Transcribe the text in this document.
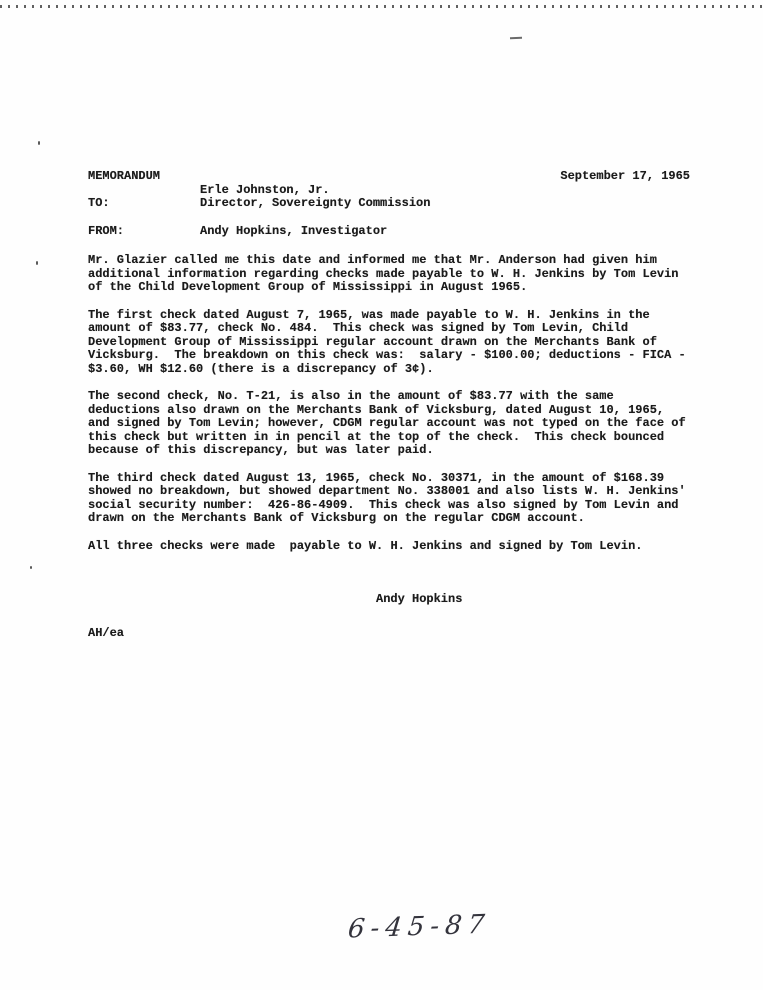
MEMORANDUM	September 17, 1965
Erle Johnston, Jr.
TO:	Director, Sovereignty Commission
FROM:	Andy Hopkins, Investigator

Mr. Glazier called me this date and informed me that Mr. Anderson had given him additional information regarding checks made payable to W. H. Jenkins by Tom Levin of the Child Development Group of Mississippi in August 1965.

The first check dated August 7, 1965, was made payable to W. H. Jenkins in the amount of $83.77, check No. 484.  This check was signed by Tom Levin, Child Development Group of Mississippi regular account drawn on the Merchants Bank of Vicksburg.  The breakdown on this check was:  salary - $100.00; deductions - FICA - $3.60, WH $12.60 (there is a discrepancy of 3¢).

The second check, No. T-21, is also in the amount of $83.77 with the same deductions also drawn on the Merchants Bank of Vicksburg, dated August 10, 1965, and signed by Tom Levin; however, CDGM regular account was not typed on the face of this check but written in in pencil at the top of the check.  This check bounced because of this discrepancy, but was later paid.

The third check dated August 13, 1965, check No. 30371, in the amount of $168.39 showed no breakdown, but showed department No. 338001 and also lists W. H. Jenkins' social security number:  426-86-4909.  This check was also signed by Tom Levin and drawn on the Merchants Bank of Vicksburg on the regular CDGM account.

All three checks were made  payable to W. H. Jenkins and signed by Tom Levin.

Andy Hopkins
AH/ea
6-45-87
